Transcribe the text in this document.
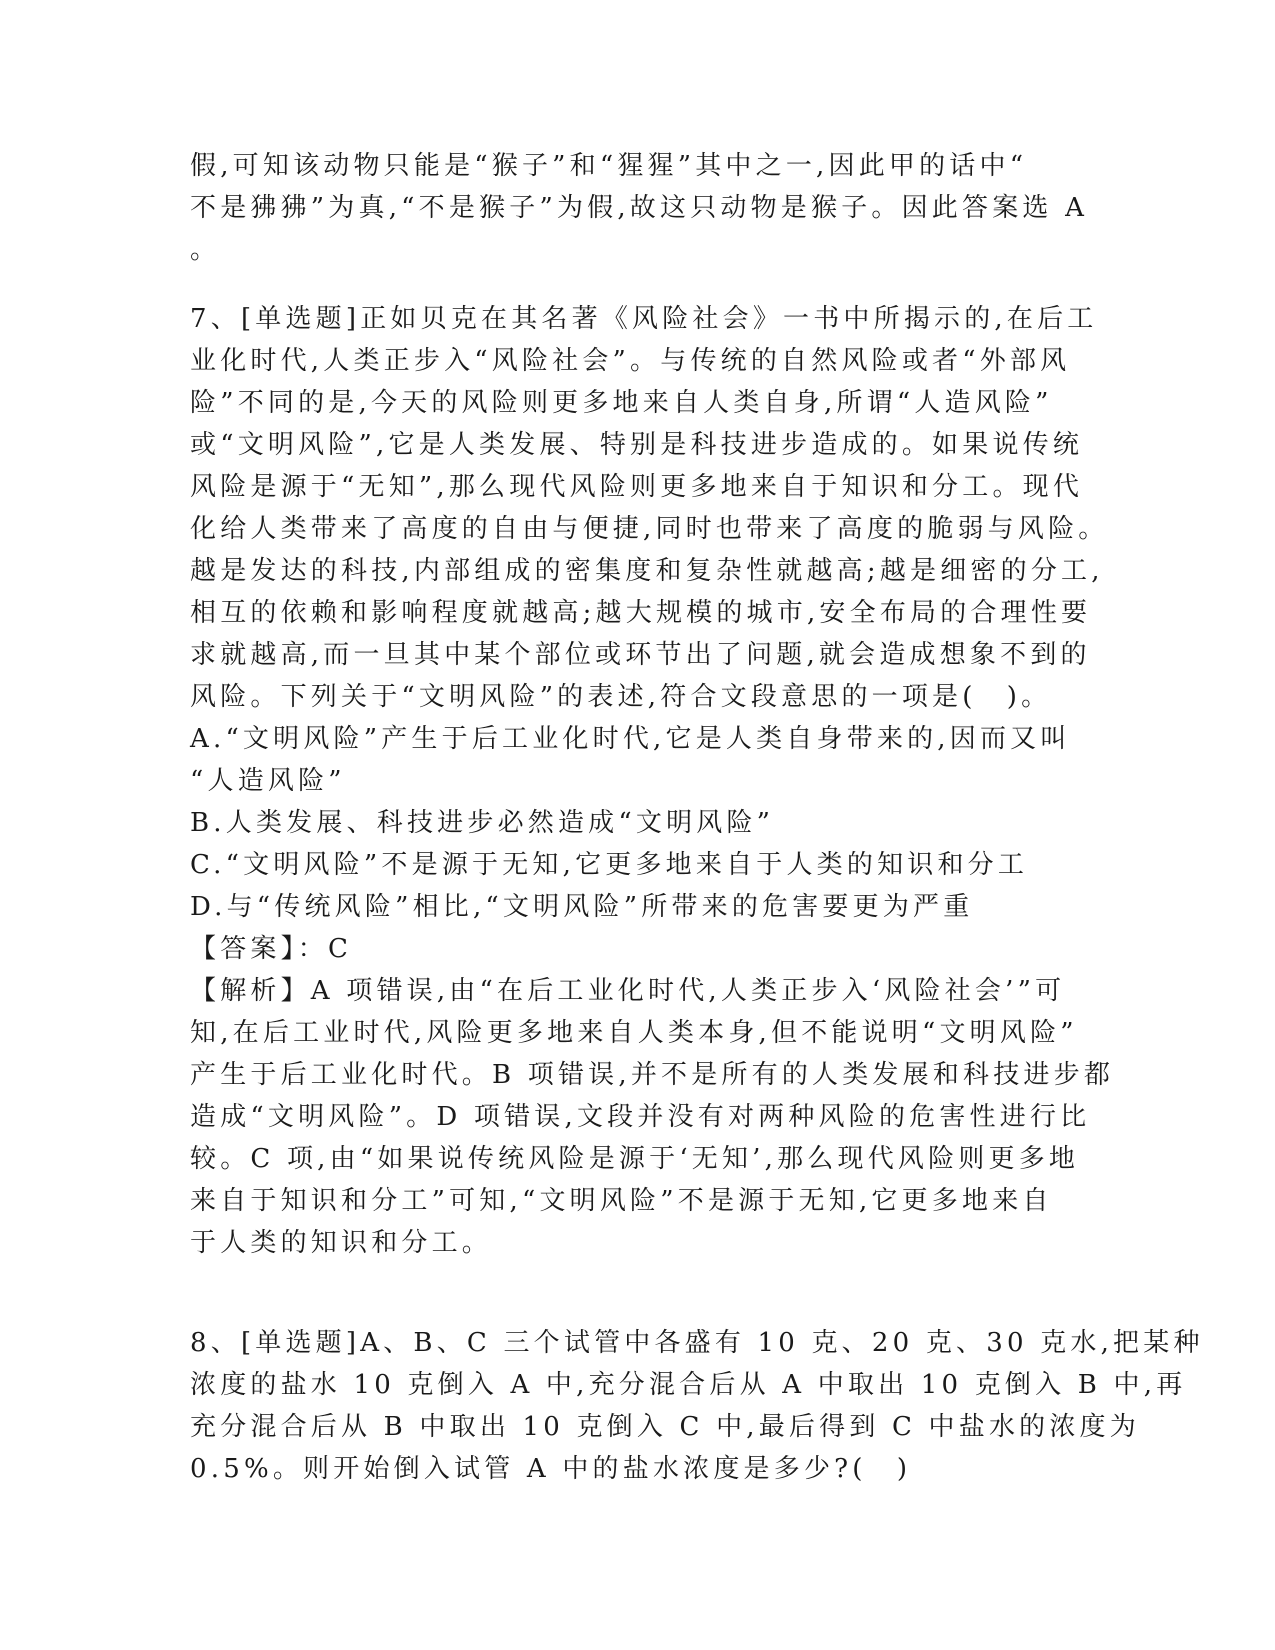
假,可知该动物只能是“猴子”和“猩猩”其中之一,因此甲的话中“
不是狒狒”为真,“不是猴子”为假,故这只动物是猴子。因此答案选 A
。
7、[单选题]正如贝克在其名著《风险社会》一书中所揭示的,在后工
业化时代,人类正步入“风险社会”。与传统的自然风险或者“外部风
险”不同的是,今天的风险则更多地来自人类自身,所谓“人造风险”
或“文明风险”,它是人类发展、特别是科技进步造成的。如果说传统
风险是源于“无知”,那么现代风险则更多地来自于知识和分工。现代
化给人类带来了高度的自由与便捷,同时也带来了高度的脆弱与风险。
越是发达的科技,内部组成的密集度和复杂性就越高;越是细密的分工,
相互的依赖和影响程度就越高;越大规模的城市,安全布局的合理性要
求就越高,而一旦其中某个部位或环节出了问题,就会造成想象不到的
风险。下列关于“文明风险”的表述,符合文段意思的一项是(　)。
A.“文明风险”产生于后工业化时代,它是人类自身带来的,因而又叫
“人造风险”
B.人类发展、科技进步必然造成“文明风险”
C.“文明风险”不是源于无知,它更多地来自于人类的知识和分工
D.与“传统风险”相比,“文明风险”所带来的危害要更为严重
【答案】：C
【解析】A 项错误,由“在后工业化时代,人类正步入‘风险社会’”可
知,在后工业时代,风险更多地来自人类本身,但不能说明“文明风险”
产生于后工业化时代。B 项错误,并不是所有的人类发展和科技进步都
造成“文明风险”。D 项错误,文段并没有对两种风险的危害性进行比
较。C 项,由“如果说传统风险是源于‘无知’,那么现代风险则更多地
来自于知识和分工”可知,“文明风险”不是源于无知,它更多地来自
于人类的知识和分工。
8、[单选题]A、B、C 三个试管中各盛有 10 克、20 克、30 克水,把某种
浓度的盐水 10 克倒入 A 中,充分混合后从 A 中取出 10 克倒入 B 中,再
充分混合后从 B 中取出 10 克倒入 C 中,最后得到 C 中盐水的浓度为
0.5%。则开始倒入试管 A 中的盐水浓度是多少?(　)
